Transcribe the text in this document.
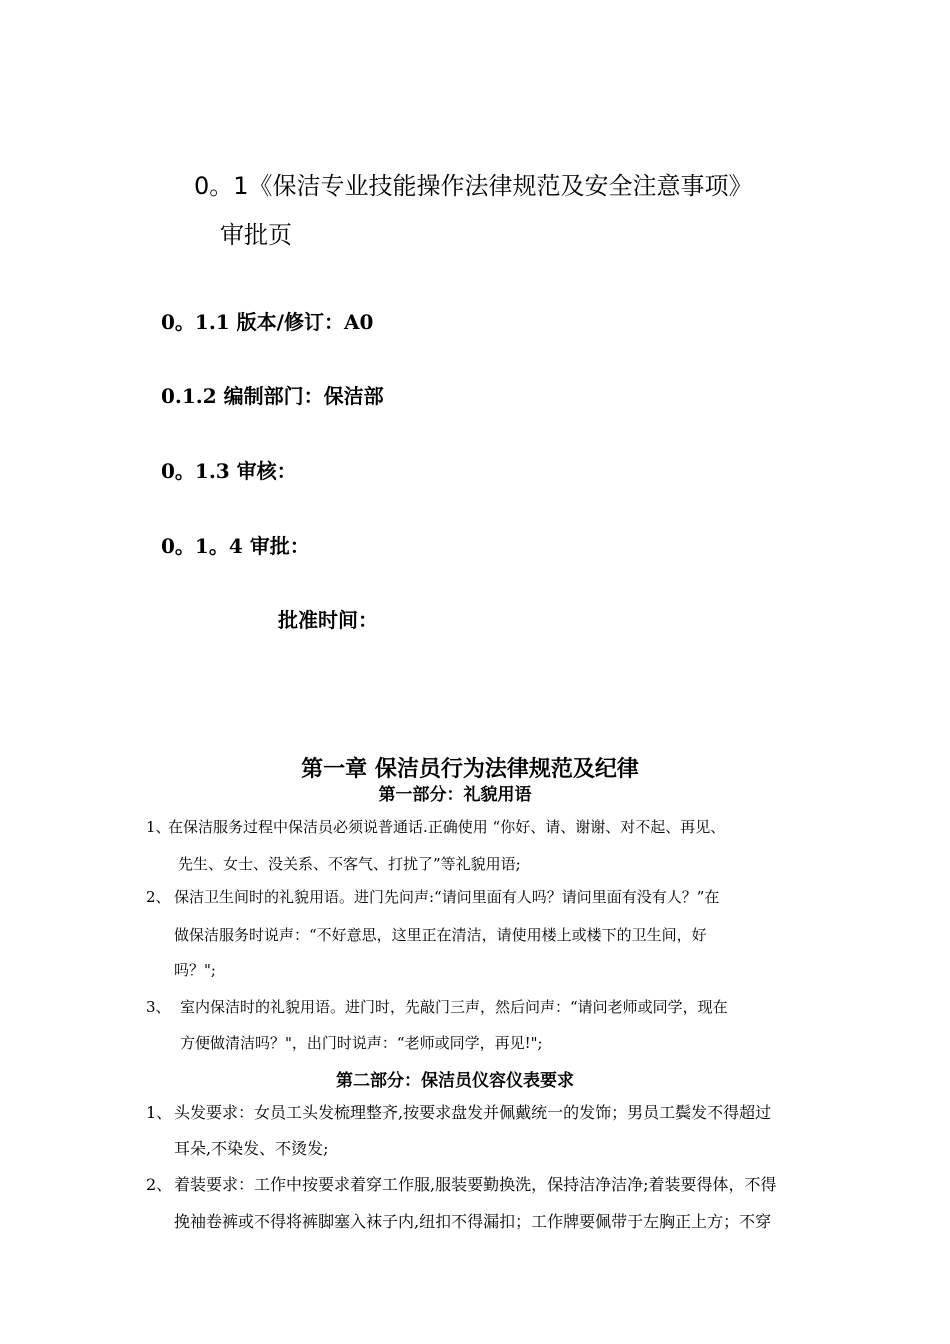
0。1《保洁专业技能操作法律规范及安全注意事项》
审批页
0。1.1 版本/修订：A0
0.1.2 编制部门：保洁部
0。1.3 审核：
0。1。4 审批：
批准时间：
第一章 保洁员行为法律规范及纪律
第一部分：礼貌用语
1、
在保洁服务过程中保洁员必须说普通话.正确使用 “你好、请、谢谢、对不起、再见、
先生、女士、没关系、不客气、打扰了”等礼貌用语;
2、 保洁卫生间时的礼貌用语。进门先问声:“请问里面有人吗？请问里面有没有人？”在
做保洁服务时说声：“不好意思，这里正在清洁，请使用楼上或楼下的卫生间，好
吗？";
3、 室内保洁时的礼貌用语。进门时，先敲门三声，然后问声：“请问老师或同学，现在
方便做清洁吗？"，出门时说声：“老师或同学，再见!";
第二部分：保洁员仪容仪表要求
1、 头发要求：女员工头发梳理整齐,按要求盘发并佩戴统一的发饰；男员工鬓发不得超过
耳朵,不染发、不烫发;
2、 着装要求：工作中按要求着穿工作服,服装要勤换洗，保持洁净洁净;着装要得体，不得
挽袖卷裤或不得将裤脚塞入袜子内,纽扣不得漏扣；工作牌要佩带于左胸正上方；不穿
